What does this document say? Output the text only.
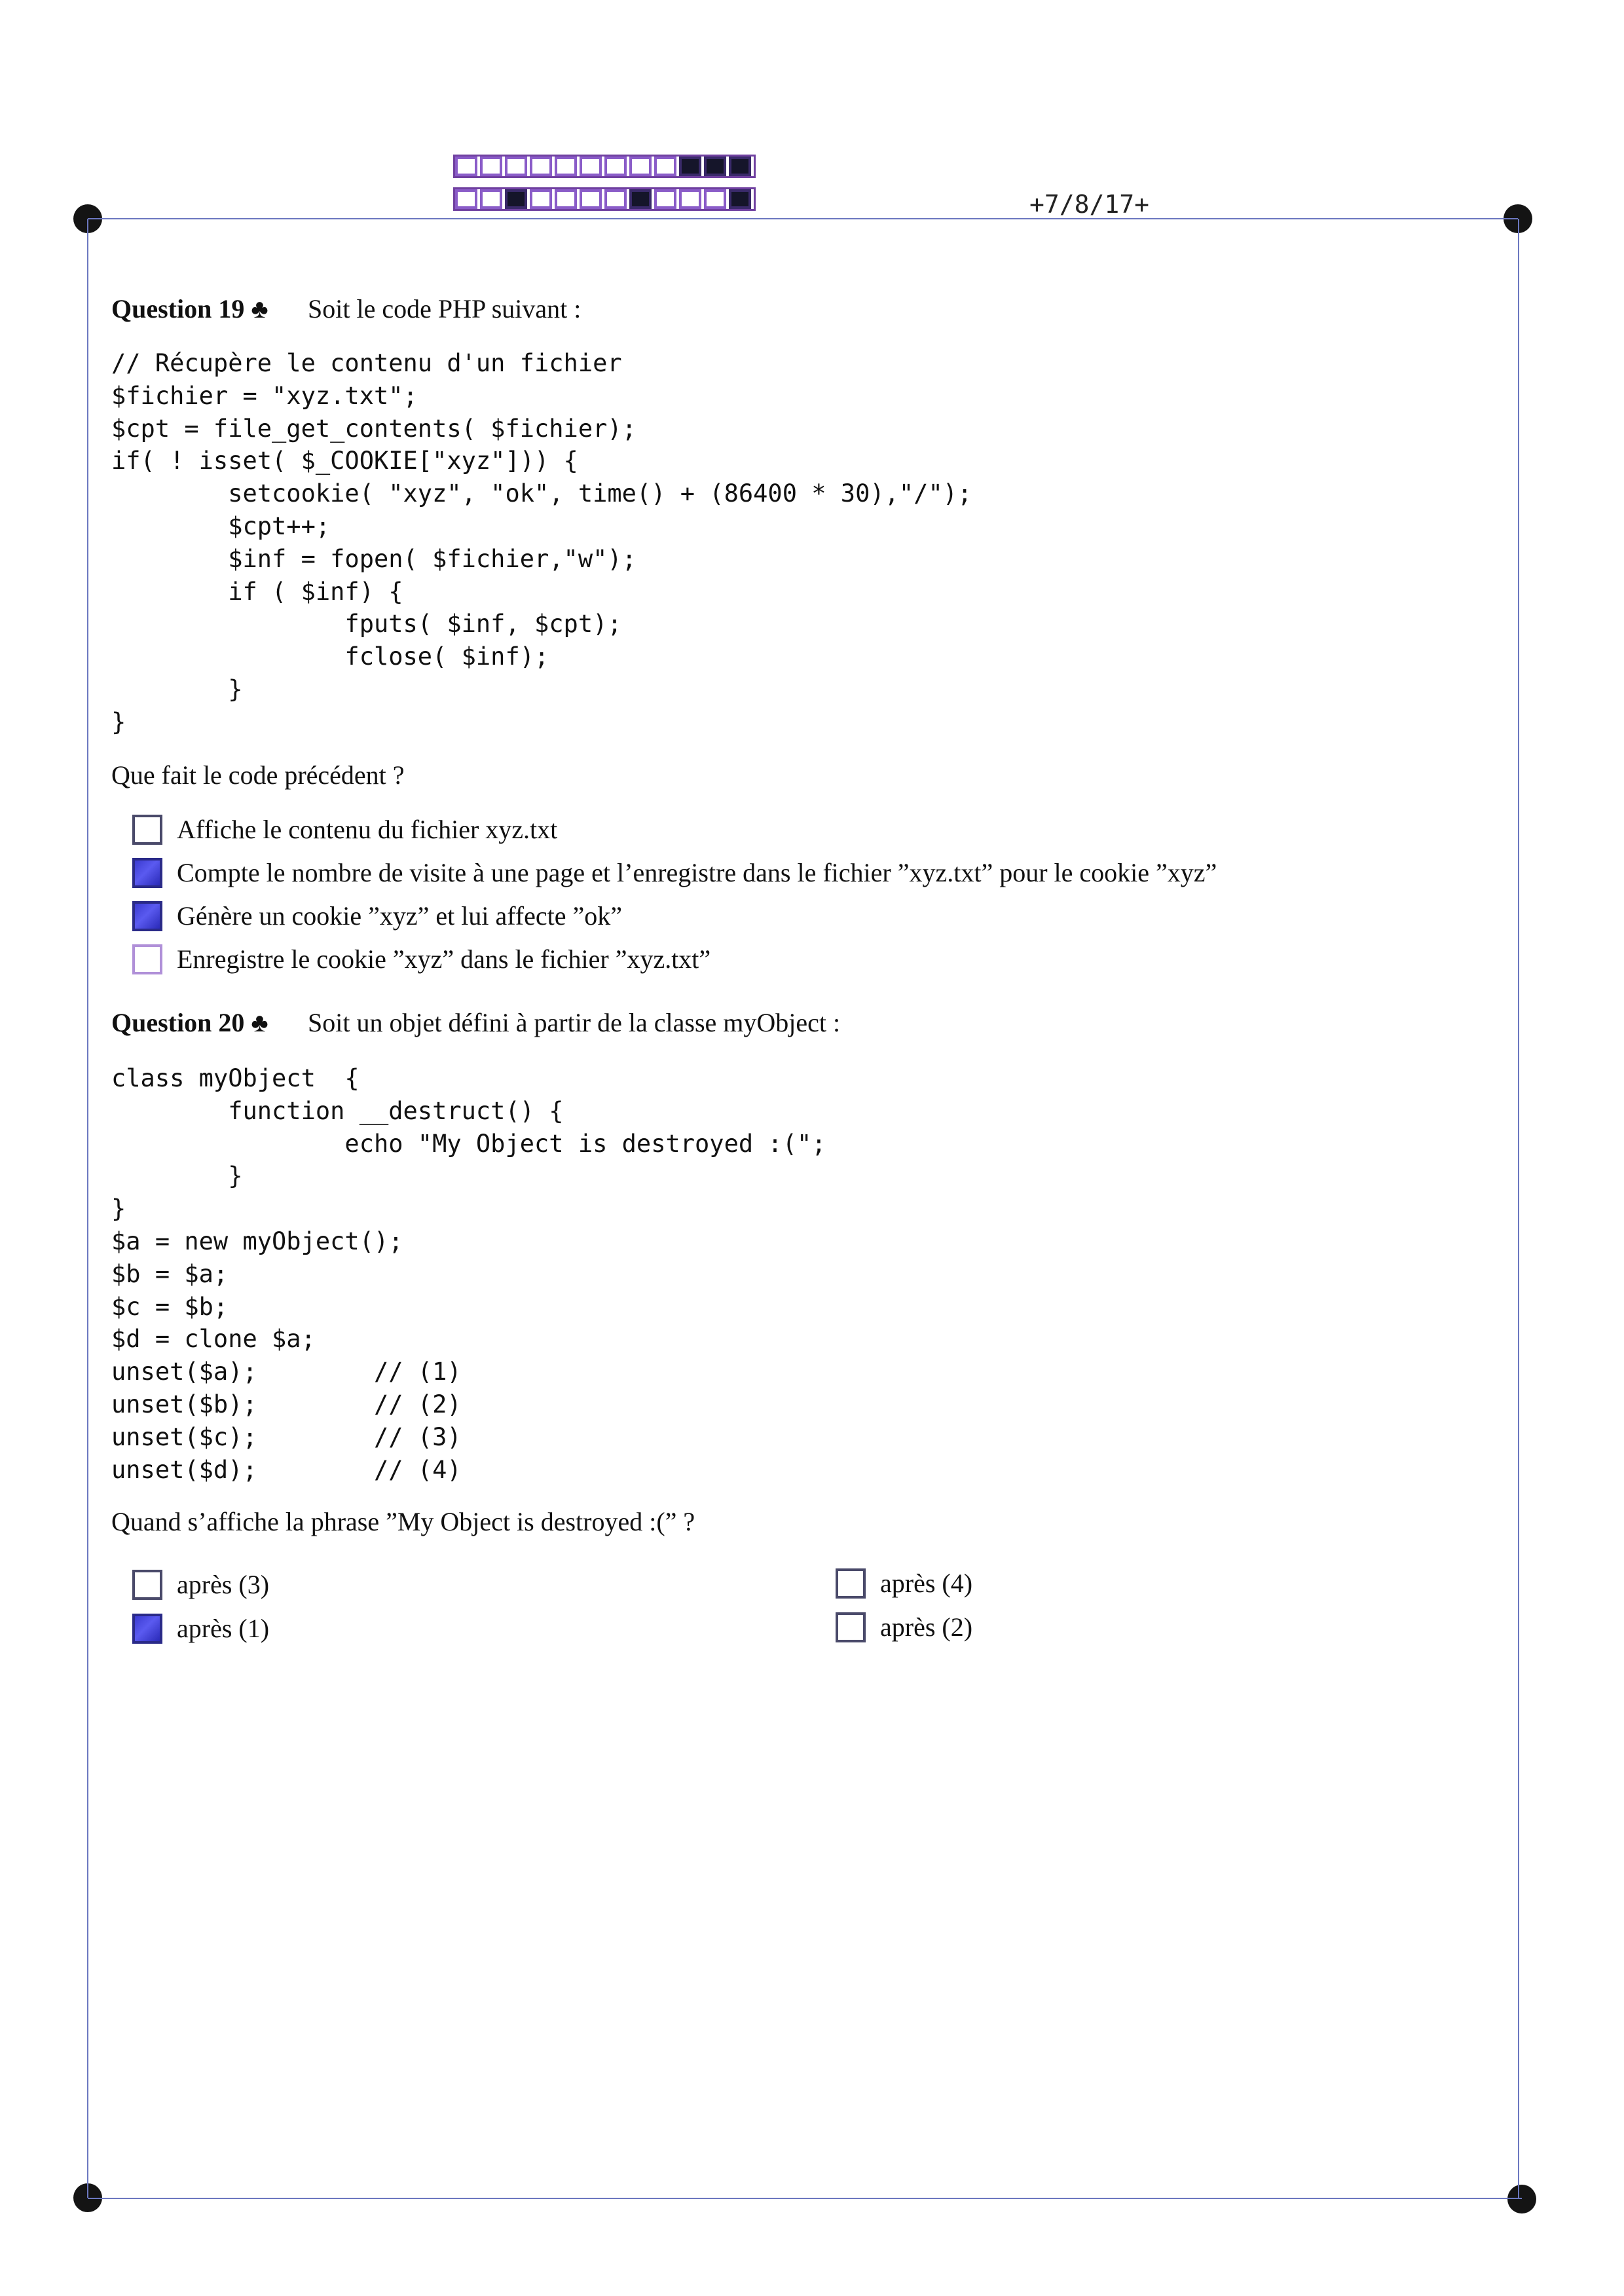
+7/8/17+
Question 19 ♣ Soit le code PHP suivant :
// Récupère le contenu d'un fichier
$fichier = "xyz.txt";
$cpt = file_get_contents( $fichier);
if( ! isset( $_COOKIE["xyz"])) {
setcookie( "xyz", "ok", time() + (86400 * 30),"/");
$cpt++;
$inf = fopen( $fichier,"w");
if ( $inf) {
fputs( $inf, $cpt);
fclose( $inf);
}
}
Que fait le code précédent ?
Affiche le contenu du fichier xyz.txt
Compte le nombre de visite à une page et l’enregistre dans le fichier ”xyz.txt” pour le cookie ”xyz”
Génère un cookie ”xyz” et lui affecte ”ok”
Enregistre le cookie ”xyz” dans le fichier ”xyz.txt”
Question 20 ♣ Soit un objet défini à partir de la classe myObject :
class myObject  {
function __destruct() {
echo "My Object is destroyed :(";
}
}
$a = new myObject();
$b = $a;
$c = $b;
$d = clone $a;
unset($a);        // (1)
unset($b);        // (2)
unset($c);        // (3)
unset($d);        // (4)
Quand s’affiche la phrase ”My Object is destroyed :(” ?
après (3)	après (4)
après (1)	après (2)
